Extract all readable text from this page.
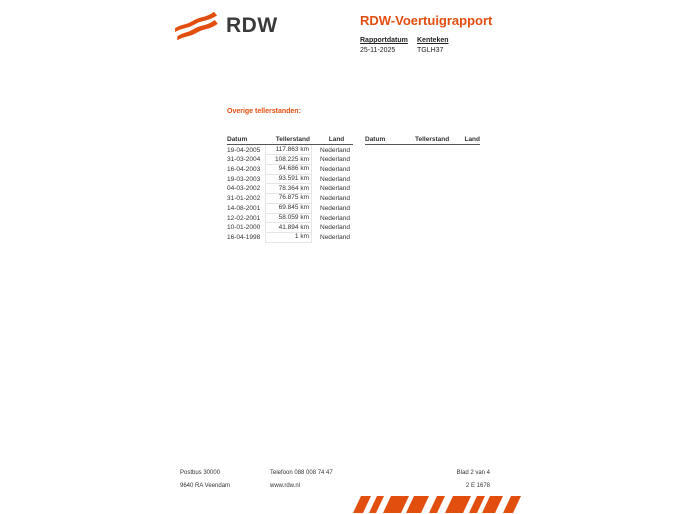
RDW	RDW-Voertuigrapport
Rapportdatum
25-11-2025
Kenteken
TGLH37
Overige tellerstanden:
Datum	Tellerstand	Land
19-04-2005	117.863 km	Nederland
31-03-2004	108.225 km	Nederland
16-04-2003	94.686 km	Nederland
19-03-2003	93.591 km	Nederland
04-03-2002	78.364 km	Nederland
31-01-2002	76.875 km	Nederland
14-08-2001	69.845 km	Nederland
12-02-2001	58.059 km	Nederland
10-01-2000	41.894 km	Nederland
16-04-1998	1 km	Nederland
Datum	Tellerstand	Land
Postbus 30000
9640 RA Veendam
Telefoon 088 008 74 47
www.rdw.nl
Blad 2 van 4
2 E 1678
